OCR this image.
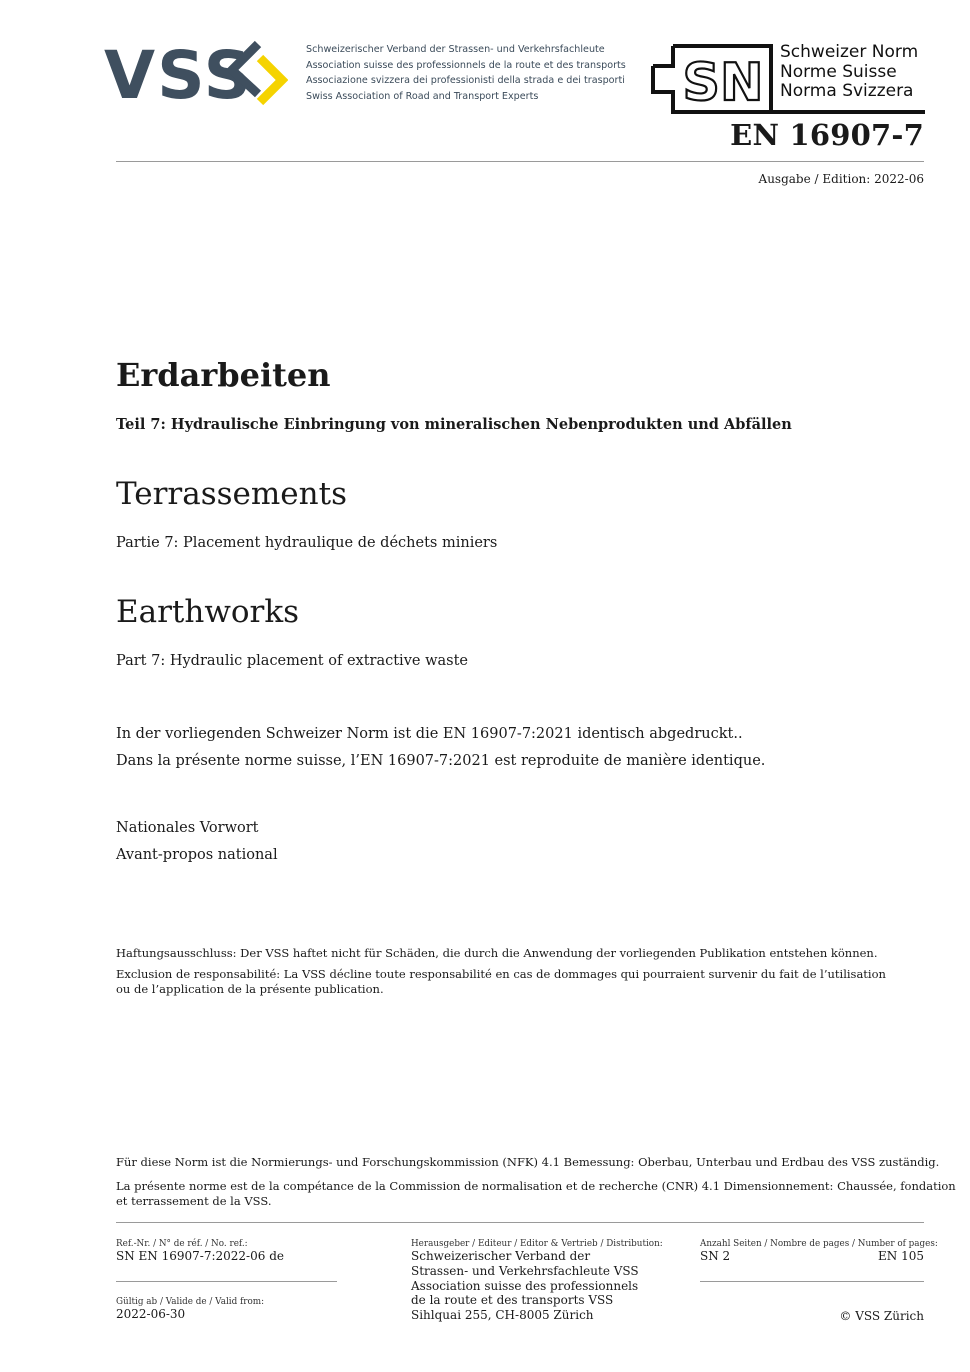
VSS	Schweizerischer Verband der Strassen- und Verkehrsfachleute
Association suisse des professionnels de la route et des transports
Associazione svizzera dei professionisti della strada e dei trasporti
Swiss Association of Road and Transport Experts	SN
Schweizer Norm
Norme Suisse
Norma Svizzera
EN 16907-7
Ausgabe / Edition: 2022-06
Erdarbeiten
Teil 7: Hydraulische Einbringung von mineralischen Nebenprodukten und Abfällen
Terrassements
Partie 7: Placement hydraulique de déchets miniers
Earthworks
Part 7: Hydraulic placement of extractive waste
In der vorliegenden Schweizer Norm ist die EN 16907-7:2021 identisch abgedruckt..
Dans la présente norme suisse, l’EN 16907-7:2021 est reproduite de manière identique.
Nationales Vorwort
Avant-propos national
Haftungsausschluss: Der VSS haftet nicht für Schäden, die durch die Anwendung der vorliegenden Publikation entstehen können.
Exclusion de responsabilité: La VSS décline toute responsabilité en cas de dommages qui pourraient survenir du fait de l’utilisation
ou de l’application de la présente publication.
Für diese Norm ist die Normierungs- und Forschungskommission (NFK) 4.1 Bemessung: Oberbau, Unterbau und Erdbau des VSS zuständig.
La présente norme est de la compétance de la Commission de normalisation et de recherche (CNR) 4.1 Dimensionnement: Chaussée, fondation
et terrassement de la VSS.
Ref.-Nr. / N° de réf. / No. ref.:
SN EN 16907-7:2022-06 de
Gültig ab / Valide de / Valid from:
2022-06-30
Herausgeber / Editeur / Editor & Vertrieb / Distribution:
Schweizerischer Verband der
Strassen- und Verkehrsfachleute VSS
Association suisse des professionnels
de la route et des transports VSS
Sihlquai 255, CH-8005 Zürich
Anzahl Seiten / Nombre de pages / Number of pages:
SN 2	EN 105
© VSS Zürich
